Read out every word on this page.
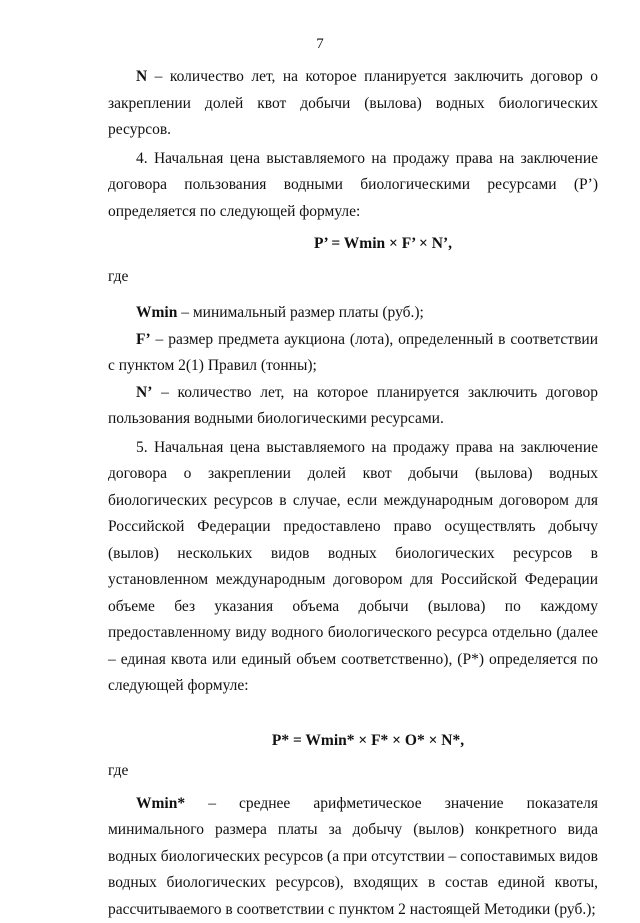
7

N – количество лет, на которое планируется заключить договор о закреплении долей квот добычи (вылова) водных биологических ресурсов.

4. Начальная цена выставляемого на продажу права на заключение договора пользования водными биологическими ресурсами (P’) определяется по следующей формуле:

P’ = Wmin × F’ × N’,

где

Wmin – минимальный размер платы (руб.);

F’ – размер предмета аукциона (лота), определенный в соответствии с пунктом 2(1) Правил (тонны);

N’ – количество лет, на которое планируется заключить договор пользования водными биологическими ресурсами.

5. Начальная цена выставляемого на продажу права на заключение договора о закреплении долей квот добычи (вылова) водных биологических ресурсов в случае, если международным договором для Российской Федерации предоставлено право осуществлять добычу (вылов) нескольких видов водных биологических ресурсов в установленном международным договором для Российской Федерации объеме без указания объема добычи (вылова) по каждому предоставленному виду водного биологического ресурса отдельно (далее – единая квота или единый объем соответственно), (P*) определяется по следующей формуле:

P* = Wmin* × F* × O* × N*,

где

Wmin* – среднее арифметическое значение показателя минимального размера платы за добычу (вылов) конкретного вида водных биологических ресурсов (а при отсутствии – сопоставимых видов водных биологических ресурсов), входящих в состав единой квоты, рассчитываемого в соответствии с пунктом 2 настоящей Методики (руб.);
